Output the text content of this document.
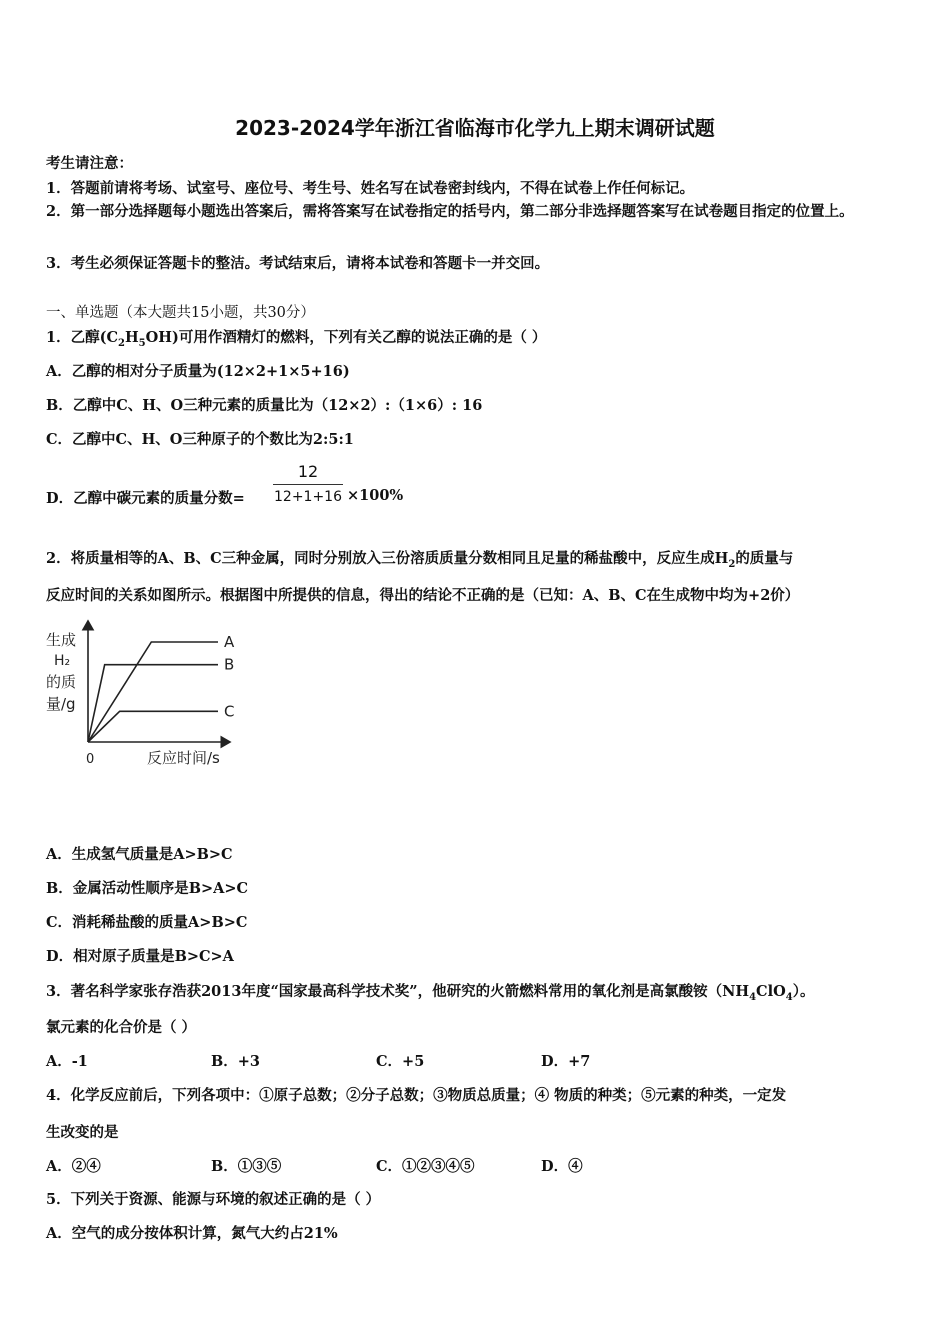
2023-2024学年浙江省临海市化学九上期末调研试题
考生请注意：
1．答题前请将考场、试室号、座位号、考生号、姓名写在试卷密封线内，不得在试卷上作任何标记。
2．第一部分选择题每小题选出答案后，需将答案写在试卷指定的括号内，第二部分非选择题答案写在试卷题目指定的位置上。
3．考生必须保证答题卡的整洁。考试结束后，请将本试卷和答题卡一并交回。
一、单选题（本大题共15小题，共30分）
1．乙醇$(C_2H_5OH)$可用作酒精灯的燃料，下列有关乙醇的说法正确的是（ ）
A．乙醇的相对分子质量为(12×2+1×5+16)
B．乙醇中C、H、O三种元素的质量比为（12×2）:（1×6）: 16
C．乙醇中C、H、O三种原子的个数比为2:5:1
D．乙醇中碳元素的质量分数=
12
12+1+16 ×100%
2．将质量相等的A、B、C三种金属，同时分别放入三份溶质质量分数相同且足量的稀盐酸中，反应生成$H_2$的质量与
反应时间的关系如图所示。根据图中所提供的信息，得出的结论不正确的是（已知：A、B、C在生成物中均为+2价）
生成
H₂
的质
量/g
0	反应时间/s
A
B
C
A．生成氢气质量是A>B>C
B．金属活动性顺序是B>A>C
C．消耗稀盐酸的质量A>B>C
D．相对原子质量是B>C>A
3．著名科学家张存浩获2013年度“国家最高科学技术奖”，他研究的火箭燃料常用的氧化剂是高氯酸铵$(NH_4ClO_4)$。
氯元素的化合价是（ ）
A．-1	B．+3	C．+5	D．+7
4．化学反应前后，下列各项中：①原子总数；②分子总数；③物质总质量；④ 物质的种类；⑤元素的种类，一定发
生改变的是
A．②④	B．①③⑤	C．①②③④⑤	D．④
5．下列关于资源、能源与环境的叙述正确的是（ ）
A．空气的成分按体积计算，氮气大约占21%
